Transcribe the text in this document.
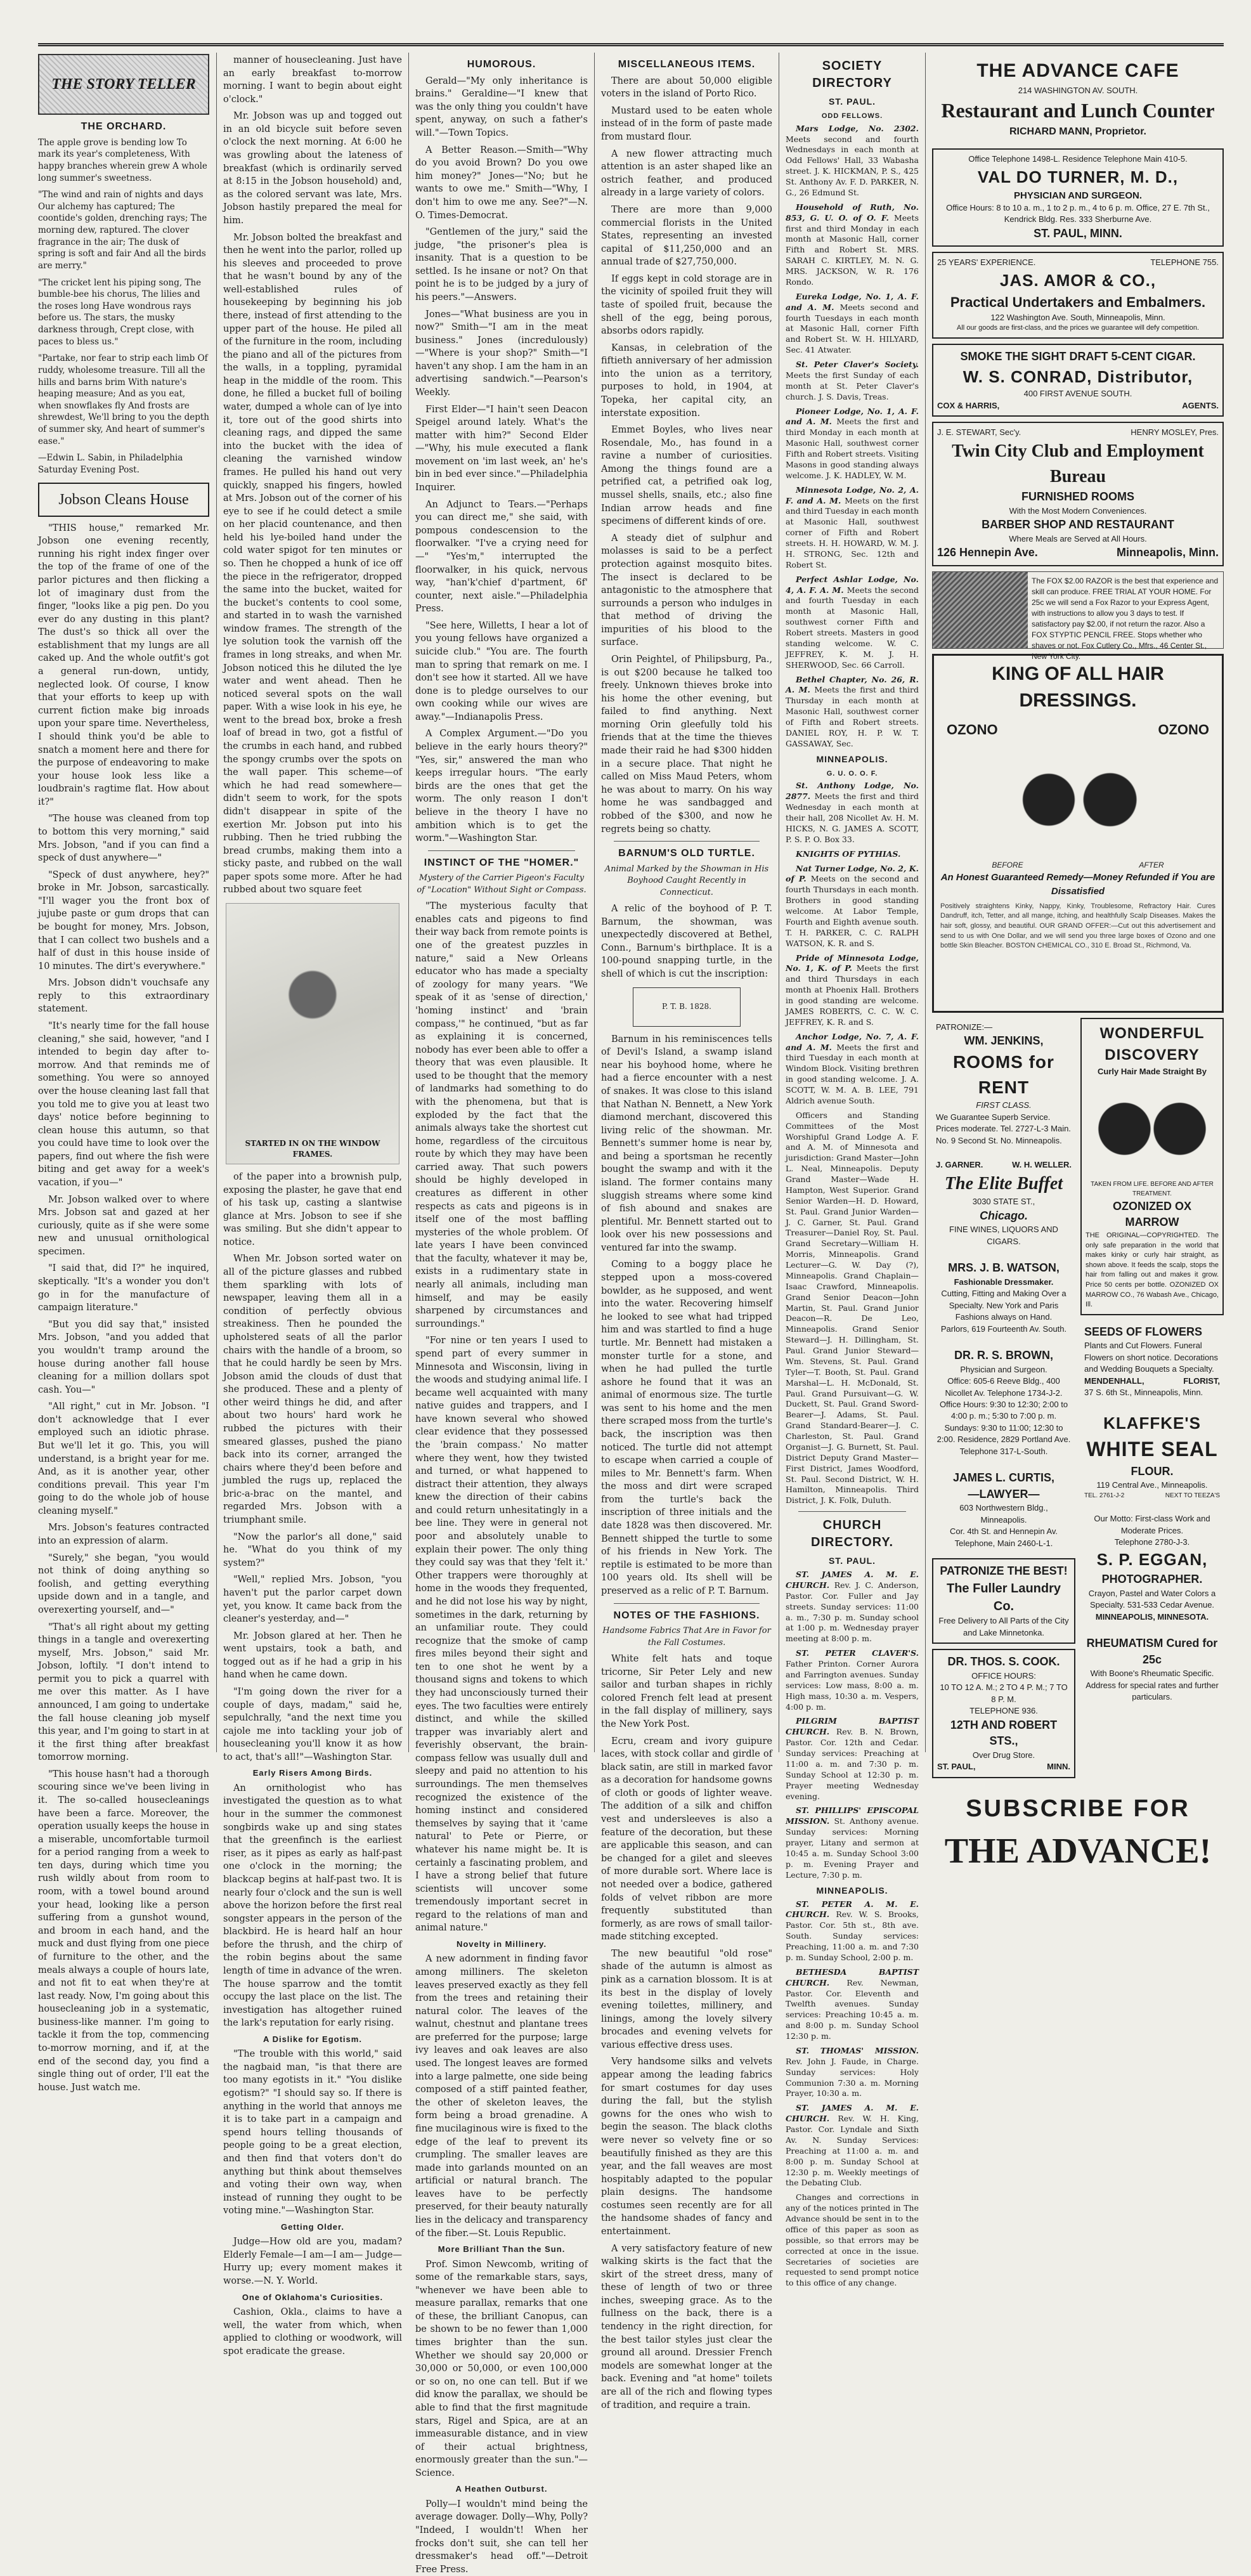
THE STORY TELLER
THE ORCHARD.

The apple grove is bending low To mark its year's completeness, With happy branches wherein grew A whole long summer's sweetness.

"The wind and rain of nights and days Our alchemy has captured; The coontide's golden, drenching rays; The morning dew, raptured. The clover fragrance in the air; The dusk of spring is soft and fair And all the birds are merry."

"The cricket lent his piping song, The bumble-bee his chorus, The lilies and the roses long Have wondrous rays before us. The stars, the musky darkness through, Crept close, with paces to bless us."

"Partake, nor fear to strip each limb Of ruddy, wholesome treasure. Till all the hills and barns brim With nature's heaping measure; And as you eat, when snowflakes fly And frosts are shrewdest, We'll bring to you the depth of summer sky, And heart of summer's ease."

—Edwin L. Sabin, in Philadelphia Saturday Evening Post.

Jobson Cleans House

"THIS house," remarked Mr. Jobson one evening recently, running his right index finger over the top of the frame of one of the parlor pictures and then flicking a lot of imaginary dust from the finger, "looks like a pig pen. Do you ever do any dusting in this plant? The dust's so thick all over the establishment that my lungs are all caked up. And the whole outfit's got a general run-down, untidy, neglected look. Of course, I know that your efforts to keep up with current fiction make big inroads upon your spare time. Nevertheless, I should think you'd be able to snatch a moment here and there for the purpose of endeavoring to make your house look less like a loudbrain's ragtime flat. How about it?"

"The house was cleaned from top to bottom this very morning," said Mrs. Jobson, "and if you can find a speck of dust anywhere—"

"Speck of dust anywhere, hey?" broke in Mr. Jobson, sarcastically. "I'll wager you the front box of jujube paste or gum drops that can be bought for money, Mrs. Jobson, that I can collect two bushels and a half of dust in this house inside of 10 minutes. The dirt's everywhere."

Mrs. Jobson didn't vouchsafe any reply to this extraordinary statement.

"It's nearly time for the fall house cleaning," she said, however, "and I intended to begin day after to-morrow. And that reminds me of something. You were so annoyed over the house cleaning last fall that you told me to give you at least two days' notice before beginning to clean house this autumn, so that you could have time to look over the papers, find out where the fish were biting and get away for a week's vacation, if you—"

Mr. Jobson walked over to where Mrs. Jobson sat and gazed at her curiously, quite as if she were some new and unusual ornithological specimen.

"I said that, did I?" he inquired, skeptically. "It's a wonder you don't go in for the manufacture of campaign literature."

"But you did say that," insisted Mrs. Jobson, "and you added that you wouldn't tramp around the house during another fall house cleaning for a million dollars spot cash. You—"

"All right," cut in Mr. Jobson. "I don't acknowledge that I ever employed such an idiotic phrase. But we'll let it go. This, you will understand, is a bright year for me. And, as it is another year, other conditions prevail. This year I'm going to do the whole job of house cleaning myself."

Mrs. Jobson's features contracted into an expression of alarm.

"Surely," she began, "you would not think of doing anything so foolish, and getting everything upside down and in a tangle, and overexerting yourself, and—"

"That's all right about my getting things in a tangle and overexerting myself, Mrs. Jobson," said Mr. Jobson, loftily. "I don't intend to permit you to pick a quarrel with me over this matter. As I have announced, I am going to undertake the fall house cleaning job myself this year, and I'm going to start in at it the first thing after breakfast tomorrow morning.

"This house hasn't had a thorough scouring since we've been living in it. The so-called housecleanings have been a farce. Moreover, the operation usually keeps the house in a miserable, uncomfortable turmoil for a period ranging from a week to ten days, during which time you rush wildly about from room to room, with a towel bound around your head, looking like a person suffering from a gunshot wound, and broom in each hand, and the muck and dust flying from one piece of furniture to the other, and the meals always a couple of hours late, and not fit to eat when they're at last ready. Now, I'm going about this housecleaning job in a systematic, business-like manner. I'm going to tackle it from the top, commencing to-morrow morning, and if, at the end of the second day, you find a single thing out of order, I'll eat the house. Just watch me.

manner of housecleaning. Just have an early breakfast to-morrow morning. I want to begin about eight o'clock."

Mr. Jobson was up and togged out in an old bicycle suit before seven o'clock the next morning. At 6:00 he was growling about the lateness of breakfast (which is ordinarily served at 8:15 in the Jobson household) and, as the colored servant was late, Mrs. Jobson hastily prepared the meal for him.

Mr. Jobson bolted the breakfast and then he went into the parlor, rolled up his sleeves and proceeded to prove that he wasn't bound by any of the well-established rules of housekeeping by beginning his job there, instead of first attending to the upper part of the house. He piled all of the furniture in the room, including the piano and all of the pictures from the walls, in a toppling, pyramidal heap in the middle of the room. This done, he filled a bucket full of boiling water, dumped a whole can of lye into it, tore out of the good shirts into cleaning rags, and dipped the same into the bucket with the idea of cleaning the varnished window frames. He pulled his hand out very quickly, snapped his fingers, howled at Mrs. Jobson out of the corner of his eye to see if he could detect a smile on her placid countenance, and then held his lye-boiled hand under the cold water spigot for ten minutes or so. Then he chopped a hunk of ice off the piece in the refrigerator, dropped the same into the bucket, waited for the bucket's contents to cool some, and started in to wash the varnished window frames. The strength of the lye solution took the varnish off the frames in long streaks, and when Mr. Jobson noticed this he diluted the lye water and went ahead. Then he noticed several spots on the wall paper. With a wise look in his eye, he went to the bread box, broke a fresh loaf of bread in two, got a fistful of the crumbs in each hand, and rubbed the spongy crumbs over the spots on the wall paper. This scheme—of which he had read somewhere—didn't seem to work, for the spots didn't disappear in spite of the exertion Mr. Jobson put into his rubbing. Then he tried rubbing the bread crumbs, making them into a sticky paste, and rubbed on the wall paper spots some more. After he had rubbed about two square feet

STARTED IN ON THE WINDOW FRAMES.

of the paper into a brownish pulp, exposing the plaster, he gave that end of his task up, casting a slantwise glance at Mrs. Jobson to see if she was smiling. But she didn't appear to notice.

When Mr. Jobson sorted water on all of the picture glasses and rubbed them sparkling with lots of newspaper, leaving them all in a condition of perfectly obvious streakiness. Then he pounded the upholstered seats of all the parlor chairs with the handle of a broom, so that he could hardly be seen by Mrs. Jobson amid the clouds of dust that she produced. These and a plenty of other weird things he did, and after about two hours' hard work he rubbed the pictures with their smeared glasses, pushed the piano back into its corner, arranged the chairs where they'd been before and jumbled the rugs up, replaced the bric-a-brac on the mantel, and regarded Mrs. Jobson with a triumphant smile.

"Now the parlor's all done," said he. "What do you think of my system?"

"Well," replied Mrs. Jobson, "you haven't put the parlor carpet down yet, you know. It came back from the cleaner's yesterday, and—"

Mr. Jobson glared at her. Then he went upstairs, took a bath, and togged out as if he had a grip in his hand when he came down.

"I'm going down the river for a couple of days, madam," said he, sepulchrally, "and the next time you cajole me into tackling your job of housecleaning you'll know it as how to act, that's all!"—Washington Star.

Early Risers Among Birds.

An ornithologist who has investigated the question as to what hour in the summer the commonest songbirds wake up and sing states that the greenfinch is the earliest riser, as it pipes as early as half-past one o'clock in the morning; the blackcap begins at half-past two. It is nearly four o'clock and the sun is well above the horizon before the first real songster appears in the person of the blackbird. He is heard half an hour before the thrush, and the chirp of the robin begins about the same length of time in advance of the wren. The house sparrow and the tomtit occupy the last place on the list. The investigation has altogether ruined the lark's reputation for early rising.

A Dislike for Egotism.

"The trouble with this world," said the nagbaid man, "is that there are too many egotists in it." "You dislike egotism?" "I should say so. If there is anything in the world that annoys me it is to take part in a campaign and spend hours telling thousands of people going to be a great election, and then find that voters don't do anything but think about themselves and voting their own way, when instead of running they ought to be voting mine."—Washington Star.

Getting Older.

Judge—How old are you, madam? Elderly Female—I am—I am— Judge—Hurry up; every moment makes it worse.—N. Y. World.

One of Oklahoma's Curiosities.

Cashion, Okla., claims to have a well, the water from which, when applied to clothing or woodwork, will spot eradicate the grease.

HUMOROUS.

Gerald—"My only inheritance is brains." Geraldine—"I knew that was the only thing you couldn't have spent, anyway, on such a father's will."—Town Topics.

A Better Reason.—Smith—"Why do you avoid Brown? Do you owe him money?" Jones—"No; but he wants to owe me." Smith—"Why, I don't him to owe me any. See?"—N. O. Times-Democrat.

"Gentlemen of the jury," said the judge, "the prisoner's plea is insanity. That is a question to be settled. Is he insane or not? On that point he is to be judged by a jury of his peers."—Answers.

Jones—"What business are you in now?" Smith—"I am in the meat business." Jones (incredulously)—"Where is your shop?" Smith—"I haven't any shop. I am the ham in an advertising sandwich."—Pearson's Weekly.

First Elder—"I hain't seen Deacon Speigel around lately. What's the matter with him?" Second Elder—"Why, his mule executed a flank movement on 'im last week, an' he's bin in bed ever since."—Philadelphia Inquirer.

An Adjunct to Tears.—"Perhaps you can direct me," she said, with pompous condescension to the floorwalker. "I've a crying need for—" "Yes'm," interrupted the floorwalker, in his quick, nervous way, "han'k'chief d'partment, 6f' counter, next aisle."—Philadelphia Press.

"See here, Willetts, I hear a lot of you young fellows have organized a suicide club." "You are. The fourth man to spring that remark on me. I don't see how it started. All we have done is to pledge ourselves to our own cooking while our wives are away."—Indianapolis Press.

A Complex Argument.—"Do you believe in the early hours theory?" "Yes, sir," answered the man who keeps irregular hours. "The early birds are the ones that get the worm. The only reason I don't believe in the theory I have no ambition which is to get the worm."—Washington Star.

INSTINCT OF THE "HOMER."
Mystery of the Carrier Pigeon's Faculty of "Location" Without Sight or Compass.

"The mysterious faculty that enables cats and pigeons to find their way back from remote points is one of the greatest puzzles in nature," said a New Orleans educator who has made a specialty of zoology for many years. "We speak of it as 'sense of direction,' 'homing instinct' and 'brain compass,'" he continued, "but as far as explaining it is concerned, nobody has ever been able to offer a theory that was even plausible. It used to be thought that the memory of landmarks had something to do with the phenomena, but that is exploded by the fact that the animals always take the shortest cut home, regardless of the circuitous route by which they may have been carried away. That such powers should be highly developed in creatures as different in other respects as cats and pigeons is in itself one of the most baffling mysteries of the whole problem. Of late years I have been convinced that the faculty, whatever it may be, exists in a rudimentary state in nearly all animals, including man himself, and may be easily sharpened by circumstances and surroundings."

"For nine or ten years I used to spend part of every summer in Minnesota and Wisconsin, living in the woods and studying animal life. I became well acquainted with many native guides and trappers, and I have known several who showed clear evidence that they possessed the 'brain compass.' No matter where they went, how they twisted and turned, or what happened to distract their attention, they always knew the direction of their cabins and could return unhesitatingly in a bee line. They were in general not poor and absolutely unable to explain their power. The only thing they could say was that they 'felt it.' Other trappers were thoroughly at home in the woods they frequented, and he did not lose his way by night, sometimes in the dark, returning by an unfamiliar route. They could recognize that the smoke of camp fires miles beyond their sight and ten to one shot he went by a thousand signs and tokens to which they had unconsciously turned their eyes. The two faculties were entirely distinct, and while the skilled trapper was invariably alert and feverishly observant, the brain-compass fellow was usually dull and sleepy and paid no attention to his surroundings. The men themselves recognized the existence of the homing instinct and considered themselves by saying that it 'came natural' to Pete or Pierre, or whatever his name might be. It is certainly a fascinating problem, and I have a strong belief that future scientists will uncover some tremendously important secret in regard to the relations of man and animal nature."

Novelty in Millinery.

A new adornment in finding favor among milliners. The skeleton leaves preserved exactly as they fell from the trees and retaining their natural color. The leaves of the walnut, chestnut and plantane trees are preferred for the purpose; large ivy leaves and oak leaves are also used. The longest leaves are formed into a large palmette, one side being composed of a stiff painted feather, the other of skeleton leaves, the form being a broad grenadine. A fine mucilaginous wire is fixed to the edge of the leaf to prevent its crumpling. The smaller leaves are made into garlands mounted on an artificial or natural branch. The leaves have to be perfectly preserved, for their beauty naturally lies in the delicacy and transparency of the fiber.—St. Louis Republic.

More Brilliant Than the Sun.

Prof. Simon Newcomb, writing of some of the remarkable stars, says, "whenever we have been able to measure parallax, remarks that one of these, the brilliant Canopus, can be shown to be no fewer than 1,000 times brighter than the sun. Whether we should say 20,000 or 30,000 or 50,000, or even 100,000 or so on, no one can tell. But if we did know the parallax, we should be able to find that the first magnitude stars, Rigel and Spica, are at an immeasurable distance, and in view of their actual brightness, enormously greater than the sun."—Science.

A Heathen Outburst.

Polly—I wouldn't mind being the average dowager. Dolly—Why, Polly? "Indeed, I wouldn't! When her frocks don't suit, she can tell her dressmaker's head off."—Detroit Free Press.

MISCELLANEOUS ITEMS.

There are about 50,000 eligible voters in the island of Porto Rico.

Mustard used to be eaten whole instead of in the form of paste made from mustard flour.

A new flower attracting much attention is an aster shaped like an ostrich feather, and produced already in a large variety of colors.

There are more than 9,000 commercial florists in the United States, representing an invested capital of $11,250,000 and an annual trade of $27,750,000.

If eggs kept in cold storage are in the vicinity of spoiled fruit they will taste of spoiled fruit, because the shell of the egg, being porous, absorbs odors rapidly.

Kansas, in celebration of the fiftieth anniversary of her admission into the union as a territory, purposes to hold, in 1904, at Topeka, her capital city, an interstate exposition.

Emmet Boyles, who lives near Rosendale, Mo., has found in a ravine a number of curiosities. Among the things found are a petrified cat, a petrified oak log, mussel shells, snails, etc.; also fine Indian arrow heads and fine specimens of different kinds of ore.

A steady diet of sulphur and molasses is said to be a perfect protection against mosquito bites. The insect is declared to be antagonistic to the atmosphere that surrounds a person who indulges in that method of driving the impurities of his blood to the surface.

Orin Peightel, of Philipsburg, Pa., is out $200 because he talked too freely. Unknown thieves broke into his home the other evening, but failed to find anything. Next morning Orin gleefully told his friends that at the time the thieves made their raid he had $300 hidden in a secure place. That night he called on Miss Maud Peters, whom he was about to marry. On his way home he was sandbagged and robbed of the $300, and now he regrets being so chatty.

BARNUM'S OLD TURTLE.
Animal Marked by the Showman in His Boyhood Caught Recently in Connecticut.

A relic of the boyhood of P. T. Barnum, the showman, was unexpectedly discovered at Bethel, Conn., Barnum's birthplace. It is a 100-pound snapping turtle, in the shell of which is cut the inscription:

P. T. B. 1828.

Barnum in his reminiscences tells of Devil's Island, a swamp island near his boyhood home, where he had a fierce encounter with a nest of snakes. It was close to this island that Nathan N. Bennett, a New York diamond merchant, discovered this living relic of the showman. Mr. Bennett's summer home is near by, and being a sportsman he recently bought the swamp and with it the island. The former contains many sluggish streams where some kind of fish abound and snakes are plentiful. Mr. Bennett started out to look over his new possessions and ventured far into the swamp.

Coming to a boggy place he stepped upon a moss-covered bowlder, as he supposed, and went into the water. Recovering himself he looked to see what had tripped him and was startled to find a huge turtle. Mr. Bennett had mistaken a monster turtle for a stone, and when he had pulled the turtle ashore he found that it was an animal of enormous size. The turtle was sent to his home and the men there scraped moss from the turtle's back, the inscription was then noticed. The turtle did not attempt to escape when carried a couple of miles to Mr. Bennett's farm. When the moss and dirt were scraped from the turtle's back the inscription of three initials and the date 1828 was then discovered. Mr. Bennett shipped the turtle to some of his friends in New York. The reptile is estimated to be more than 100 years old. Its shell will be preserved as a relic of P. T. Barnum.

NOTES OF THE FASHIONS.
Handsome Fabrics That Are in Favor for the Fall Costumes.

White felt hats and toque tricorne, Sir Peter Lely and new sailor and turban shapes in richly colored French felt lead at present in the fall display of millinery, says the New York Post.

Ecru, cream and ivory guipure laces, with stock collar and girdle of black satin, are still in marked favor as a decoration for handsome gowns of cloth or goods of lighter weave. The addition of a silk and chiffon vest and undersleeves is also a feature of the decoration, but these are applicable this season, and can be changed for a gilet and sleeves of more durable sort. Where lace is not needed over a bodice, gathered folds of velvet ribbon are more frequently substituted than formerly, as are rows of small tailor-made stitching excepted.

The new beautiful "old rose" shade of the autumn is almost as pink as a carnation blossom. It is at its best in the display of lovely evening toilettes, millinery, and linings, among the lovely silvery brocades and evening velvets for various effective dress uses.

Very handsome silks and velvets appear among the leading fabrics for smart costumes for day uses during the fall, but the stylish gowns for the ones who wish to begin the season. The black cloths were never so velvety fine or so beautifully finished as they are this year, and the fall weaves are most hospitably adapted to the popular plain designs. The handsome costumes seen recently are for all the handsome shades of fancy and entertainment.

A very satisfactory feature of new walking skirts is the fact that the skirt of the street dress, many of these of length of two or three inches, sweeping grace. As to the fullness on the back, there is a tendency in the right direction, for the best tailor styles just clear the ground all around. Dressier French models are somewhat longer at the back. Evening and "at home" toilets are all of the rich and flowing types of tradition, and require a train.

SOCIETY DIRECTORY
ST. PAUL.
ODD FELLOWS.

Mars Lodge, No. 2302. Meets second and fourth Wednesdays in each month at Odd Fellows' Hall, 33 Wabasha street. J. K. HICKMAN, P. S., 425 St. Anthony Av. F. D. PARKER, N. G., 26 Edmund St.

Household of Ruth, No. 853, G. U. O. of O. F. Meets first and third Monday in each month at Masonic Hall, corner Fifth and Robert St. MRS. SARAH C. KIRTLEY, M. N. G. MRS. JACKSON, W. R. 176 Rondo.

Eureka Lodge, No. 1, A. F. and A. M. Meets second and fourth Tuesdays in each month at Masonic Hall, corner Fifth and Robert St. W. H. HILYARD, Sec. 41 Atwater.

St. Peter Claver's Society. Meets the first Sunday of each month at St. Peter Claver's church. J. S. Davis, Treas.

Pioneer Lodge, No. 1, A. F. and A. M. Meets the first and third Monday in each month at Masonic Hall, southwest corner Fifth and Robert streets. Visiting Masons in good standing always welcome. J. K. HADLEY, W. M.

Minnesota Lodge, No. 2, A. F. and A. M. Meets on the first and third Tuesday in each month at Masonic Hall, southwest corner of Fifth and Robert streets. H. H. HOWARD, W. M. J. H. STRONG, Sec. 12th and Robert St.

Perfect Ashlar Lodge, No. 4, A. F. A. M. Meets the second and fourth Tuesday in each month at Masonic Hall, southwest corner Fifth and Robert streets. Masters in good standing welcome. W. C. JEFFREY, K. M. J. H. SHERWOOD, Sec. 66 Carroll.

Bethel Chapter, No. 26, R. A. M. Meets the first and third Thursday in each month at Masonic Hall, southwest corner of Fifth and Robert streets. DANIEL ROY, H. P. W. T. GASSAWAY, Sec.

MINNEAPOLIS.
G. U. O. O. F.

St. Anthony Lodge, No. 2877. Meets the first and third Wednesday in each month at their hall, 208 Nicollet Av. H. M. HICKS, N. G. JAMES A. SCOTT, P. S. P. O. Box 33.

KNIGHTS OF PYTHIAS.

Nat Turner Lodge, No. 2, K. of P. Meets on the second and fourth Thursdays in each month. Brothers in good standing welcome. At Labor Temple, Fourth and Eighth avenue south. T. H. PARKER, C. C. RALPH WATSON, K. R. and S.

Pride of Minnesota Lodge, No. 1, K. of P. Meets the first and third Thursdays in each month at Phoenix Hall. Brothers in good standing are welcome. JAMES ROBERTS, C. C. W. C. JEFFREY, K. R. and S.

Anchor Lodge, No. 7, A. F. and A. M. Meets the first and third Tuesday in each month at Windom Block. Visiting brethren in good standing welcome. J. A. SCOTT, W. M. A. B. LEE, 791 Aldrich avenue South.

Officers and Standing Committees of the Most Worshipful Grand Lodge A. F. and A. M. of Minnesota and jurisdiction: Grand Master—John L. Neal, Minneapolis. Deputy Grand Master—Wade H. Hampton, West Superior. Grand Senior Warden—H. D. Howard, St. Paul. Grand Junior Warden—J. C. Garner, St. Paul. Grand Treasurer—Daniel Roy, St. Paul. Grand Secretary—William H. Morris, Minneapolis. Grand Lecturer—G. W. Day (?), Minneapolis. Grand Chaplain—Isaac Crawford, Minneapolis. Grand Senior Deacon—John Martin, St. Paul. Grand Junior Deacon—R. De Leo, Minneapolis. Grand Senior Steward—J. H. Dillingham, St. Paul. Grand Junior Steward—Wm. Stevens, St. Paul. Grand Tyler—T. Booth, St. Paul. Grand Marshal—L. H. McDonald, St. Paul. Grand Pursuivant—G. W. Duckett, St. Paul. Grand Sword-Bearer—J. Adams, St. Paul. Grand Standard-Bearer—J. C. Charleston, St. Paul. Grand Organist—J. G. Burnett, St. Paul. District Deputy Grand Master—First District, James Woodford, St. Paul. Second District, W. H. Hamilton, Minneapolis. Third District, J. K. Folk, Duluth.

CHURCH DIRECTORY.
ST. PAUL.

ST. JAMES A. M. E. CHURCH. Rev. J. C. Anderson, Pastor. Cor. Fuller and Jay streets. Sunday services: 11:00 a. m., 7:30 p. m. Sunday school at 1:00 p. m. Wednesday prayer meeting at 8:00 p. m.

ST. PETER CLAVER'S. Father Printon. Corner Aurora and Farrington avenues. Sunday services: Low mass, 8:00 a. m. High mass, 10:30 a. m. Vespers, 4:00 p. m.

PILGRIM BAPTIST CHURCH. Rev. B. N. Brown, Pastor. Cor. 12th and Cedar. Sunday services: Preaching at 11:00 a. m. and 7:30 p. m. Sunday School at 12:30 p. m. Prayer meeting Wednesday evening.

ST. PHILLIPS' EPISCOPAL MISSION. St. Anthony avenue. Sunday services: Morning prayer, Litany and sermon at 10:45 a. m. Sunday School 3:00 p. m. Evening Prayer and Lecture, 7:30 p. m.

MINNEAPOLIS.

ST. PETER A. M. E. CHURCH. Rev. W. S. Brooks, Pastor. Cor. 5th st., 8th ave. South. Sunday services: Preaching, 11:00 a. m. and 7:30 p. m. Sunday School, 2:00 p. m.

BETHESDA BAPTIST CHURCH. Rev. Newman, Pastor. Cor. Eleventh and Twelfth avenues. Sunday services: Preaching 10:45 a. m. and 8:00 p. m. Sunday School 12:30 p. m.

ST. THOMAS' MISSION. Rev. John J. Faude, in Charge. Sunday services: Holy Communion 7:30 a. m. Morning Prayer, 10:30 a. m.

ST. JAMES A. M. E. CHURCH. Rev. W. H. King, Pastor. Cor. Lyndale and Sixth Av. N. Sunday Services: Preaching at 11:00 a. m. and 8:00 p. m. Sunday School at 12:30 p. m. Weekly meetings of the Debating Club.

Changes and corrections in any of the notices printed in The Advance should be sent in to the office of this paper as soon as possible, so that errors may be corrected at once in the issue. Secretaries of societies are requested to send prompt notice to this office of any change.

THE ADVANCE CAFE
214 WASHINGTON AV. SOUTH.
Restaurant and Lunch Counter
RICHARD MANN, Proprietor.
Office Telephone 1498-L. Residence Telephone Main 410-5.
VAL DO TURNER, M. D.,
PHYSICIAN AND SURGEON.
Office Hours: 8 to 10 a. m., 1 to 2 p. m., 4 to 6 p. m. Office, 27 E. 7th St., Kendrick Bldg. Res. 333 Sherburne Ave.
ST. PAUL, MINN.
25 YEARS' EXPERIENCE.	TELEPHONE 755.
JAS. AMOR & CO.,
Practical Undertakers and Embalmers.
122 Washington Ave. South, Minneapolis, Minn.
All our goods are first-class, and the prices we guarantee will defy competition.
SMOKE THE SIGHT DRAFT 5-CENT CIGAR.
W. S. CONRAD, Distributor,
400 FIRST AVENUE SOUTH.
COX & HARRIS,	AGENTS.
J. E. STEWART, Sec'y.	HENRY MOSLEY, Pres.
Twin City Club and Employment Bureau
FURNISHED ROOMS
With the Most Modern Conveniences.
BARBER SHOP AND RESTAURANT
Where Meals are Served at All Hours.
126 Hennepin Ave.	Minneapolis, Minn.
The FOX $2.00 RAZOR is the best that experience and skill can produce. FREE TRIAL AT YOUR HOME. For 25c we will send a Fox Razor to your Express Agent, with instructions to allow you 3 days to test. If satisfactory pay $2.00, if not return the razor. Also a FOX STYPTIC PENCIL FREE. Stops whether who shaves or not. Fox Cutlery Co., Mfrs., 46 Center St., New York City.
KING OF ALL HAIR DRESSINGS.
OZONO	OZONO
BEFORE	AFTER
An Honest Guaranteed Remedy—Money Refunded if You are Dissatisfied
Positively straightens Kinky, Nappy, Kinky, Troublesome, Refractory Hair. Cures Dandruff, itch, Tetter, and all mange, itching, and healthfully Scalp Diseases. Makes the hair soft, glossy, and beautiful. OUR GRAND OFFER:—Cut out this advertisement and send to us with One Dollar, and we will send you three large boxes of Ozono and one bottle Skin Bleacher. BOSTON CHEMICAL CO., 310 E. Broad St., Richmond, Va.
PATRONIZE:—
WM. JENKINS,
ROOMS for RENT
FIRST CLASS.
We Guarantee Superb Service. Prices moderate. Tel. 2727-L-3 Main. No. 9 Second St. No. Minneapolis.
J. GARNER.	W. H. WELLER.
The Elite Buffet
3030 STATE ST.,
Chicago.
FINE WINES, LIQUORS AND CIGARS.
MRS. J. B. WATSON,
Fashionable Dressmaker.
Cutting, Fitting and Making Over a Specialty. New York and Paris Fashions always on Hand.
Parlors, 619 Fourteenth Av. South.
DR. R. S. BROWN,
Physician and Surgeon.
Office: 605-6 Reeve Bldg., 400 Nicollet Av. Telephone 1734-J-2. Office Hours: 9:30 to 12:30; 2:00 to 4:00 p. m.; 5:30 to 7:00 p. m. Sundays: 9:30 to 11:00; 12:30 to 2:00. Residence, 2829 Portland Ave. Telephone 317-L-South.
JAMES L. CURTIS,
—LAWYER—
603 Northwestern Bldg., Minneapolis.
Cor. 4th St. and Hennepin Av.
Telephone, Main 2460-L-1.
PATRONIZE THE BEST!
The Fuller Laundry Co.
Free Delivery to All Parts of the City and Lake Minnetonka.
DR. THOS. S. COOK.
OFFICE HOURS:
10 TO 12 A. M.; 2 TO 4 P. M.; 7 TO 8 P. M.
TELEPHONE 936.
12TH AND ROBERT STS.,
Over Drug Store.
ST. PAUL,	MINN.
WONDERFUL DISCOVERY
Curly Hair Made Straight By
TAKEN FROM LIFE. BEFORE AND AFTER TREATMENT.
OZONIZED OX MARROW
THE ORIGINAL—COPYRIGHTED. The only safe preparation in the world that makes kinky or curly hair straight, as shown above. It feeds the scalp, stops the hair from falling out and makes it grow. Price 50 cents per bottle. OZONIZED OX MARROW CO., 76 Wabash Ave., Chicago, Ill.
SEEDS OF FLOWERS
Plants and Cut Flowers. Funeral Flowers on short notice. Decorations and Wedding Bouquets a Specialty.
MENDENHALL,	FLORIST,
37 S. 6th St., Minneapolis, Minn.
KLAFFKE'S
WHITE SEAL
FLOUR.
119 Central Ave., Minneapolis.
TEL. 2761-J-2	NEXT TO TEEZA'S
Our Motto: First-class Work and Moderate Prices.
Telephone 2780-J-3.
S. P. EGGAN,
PHOTOGRAPHER.
Crayon, Pastel and Water Colors a Specialty. 531-533 Cedar Avenue.
MINNEAPOLIS, MINNESOTA.
RHEUMATISM Cured for 25c
With Boone's Rheumatic Specific. Address for special rates and further particulars.
SUBSCRIBE FOR
THE ADVANCE!
